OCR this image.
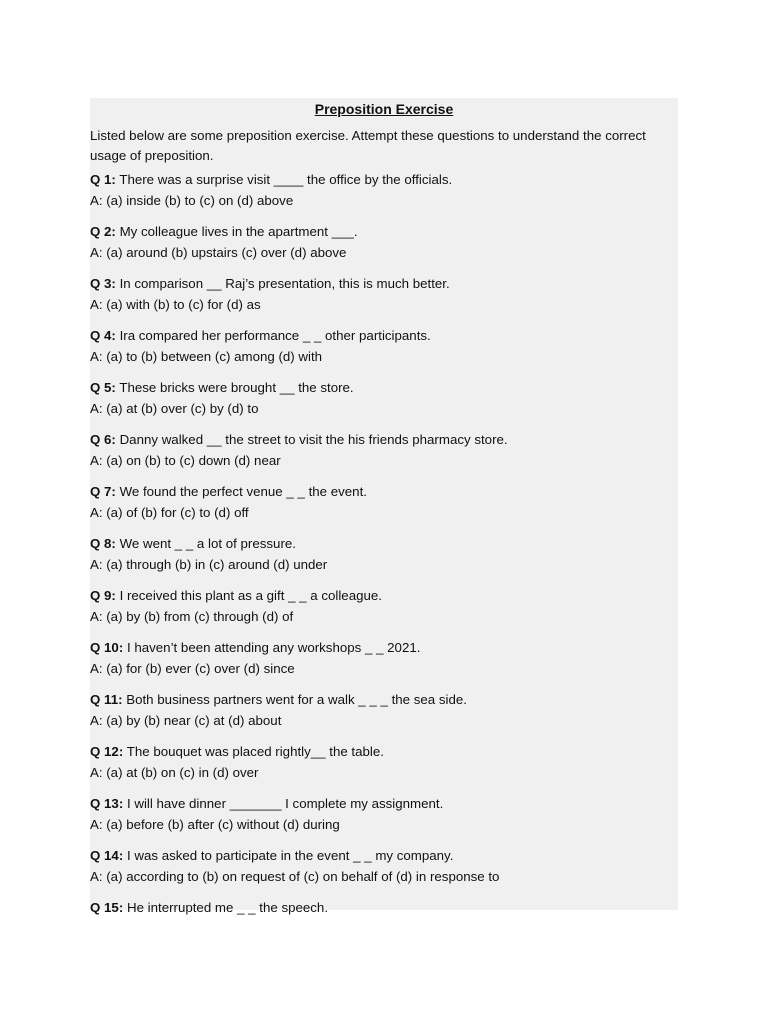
Preposition Exercise
Listed below are some preposition exercise. Attempt these questions to understand the correct usage of preposition.
Q 1: There was a surprise visit ____ the office by the officials.
A: (a) inside (b) to (c) on (d) above
Q 2: My colleague lives in the apartment ___.
A: (a) around (b) upstairs (c) over (d) above
Q 3: In comparison __ Raj’s presentation, this is much better.
A: (a) with (b) to (c) for (d) as
Q 4: Ira compared her performance _ _ other participants.
A: (a) to (b) between (c) among (d) with
Q 5: These bricks were brought __ the store.
A: (a) at (b) over (c) by (d) to
Q 6: Danny walked __ the street to visit the his friends pharmacy store.
A: (a) on (b) to (c) down (d) near
Q 7: We found the perfect venue _ _ the event.
A: (a) of (b) for (c) to (d) off
Q 8: We went _ _ a lot of pressure.
A: (a) through (b) in (c) around (d) under
Q 9: I received this plant as a gift _ _ a colleague.
A: (a) by (b) from (c) through (d) of
Q 10: I haven’t been attending any workshops _ _ 2021.
A: (a) for (b) ever (c) over (d) since
Q 11: Both business partners went for a walk _ _ _ the sea side.
A: (a) by (b) near (c) at (d) about
Q 12: The bouquet was placed rightly__ the table.
A: (a) at (b) on (c) in (d) over
Q 13: I will have dinner _______ I complete my assignment.
A: (a) before (b) after (c) without (d) during
Q 14: I was asked to participate in the event _ _ my company.
A: (a) according to (b) on request of (c) on behalf of (d) in response to
Q 15: He interrupted me _ _ the speech.
